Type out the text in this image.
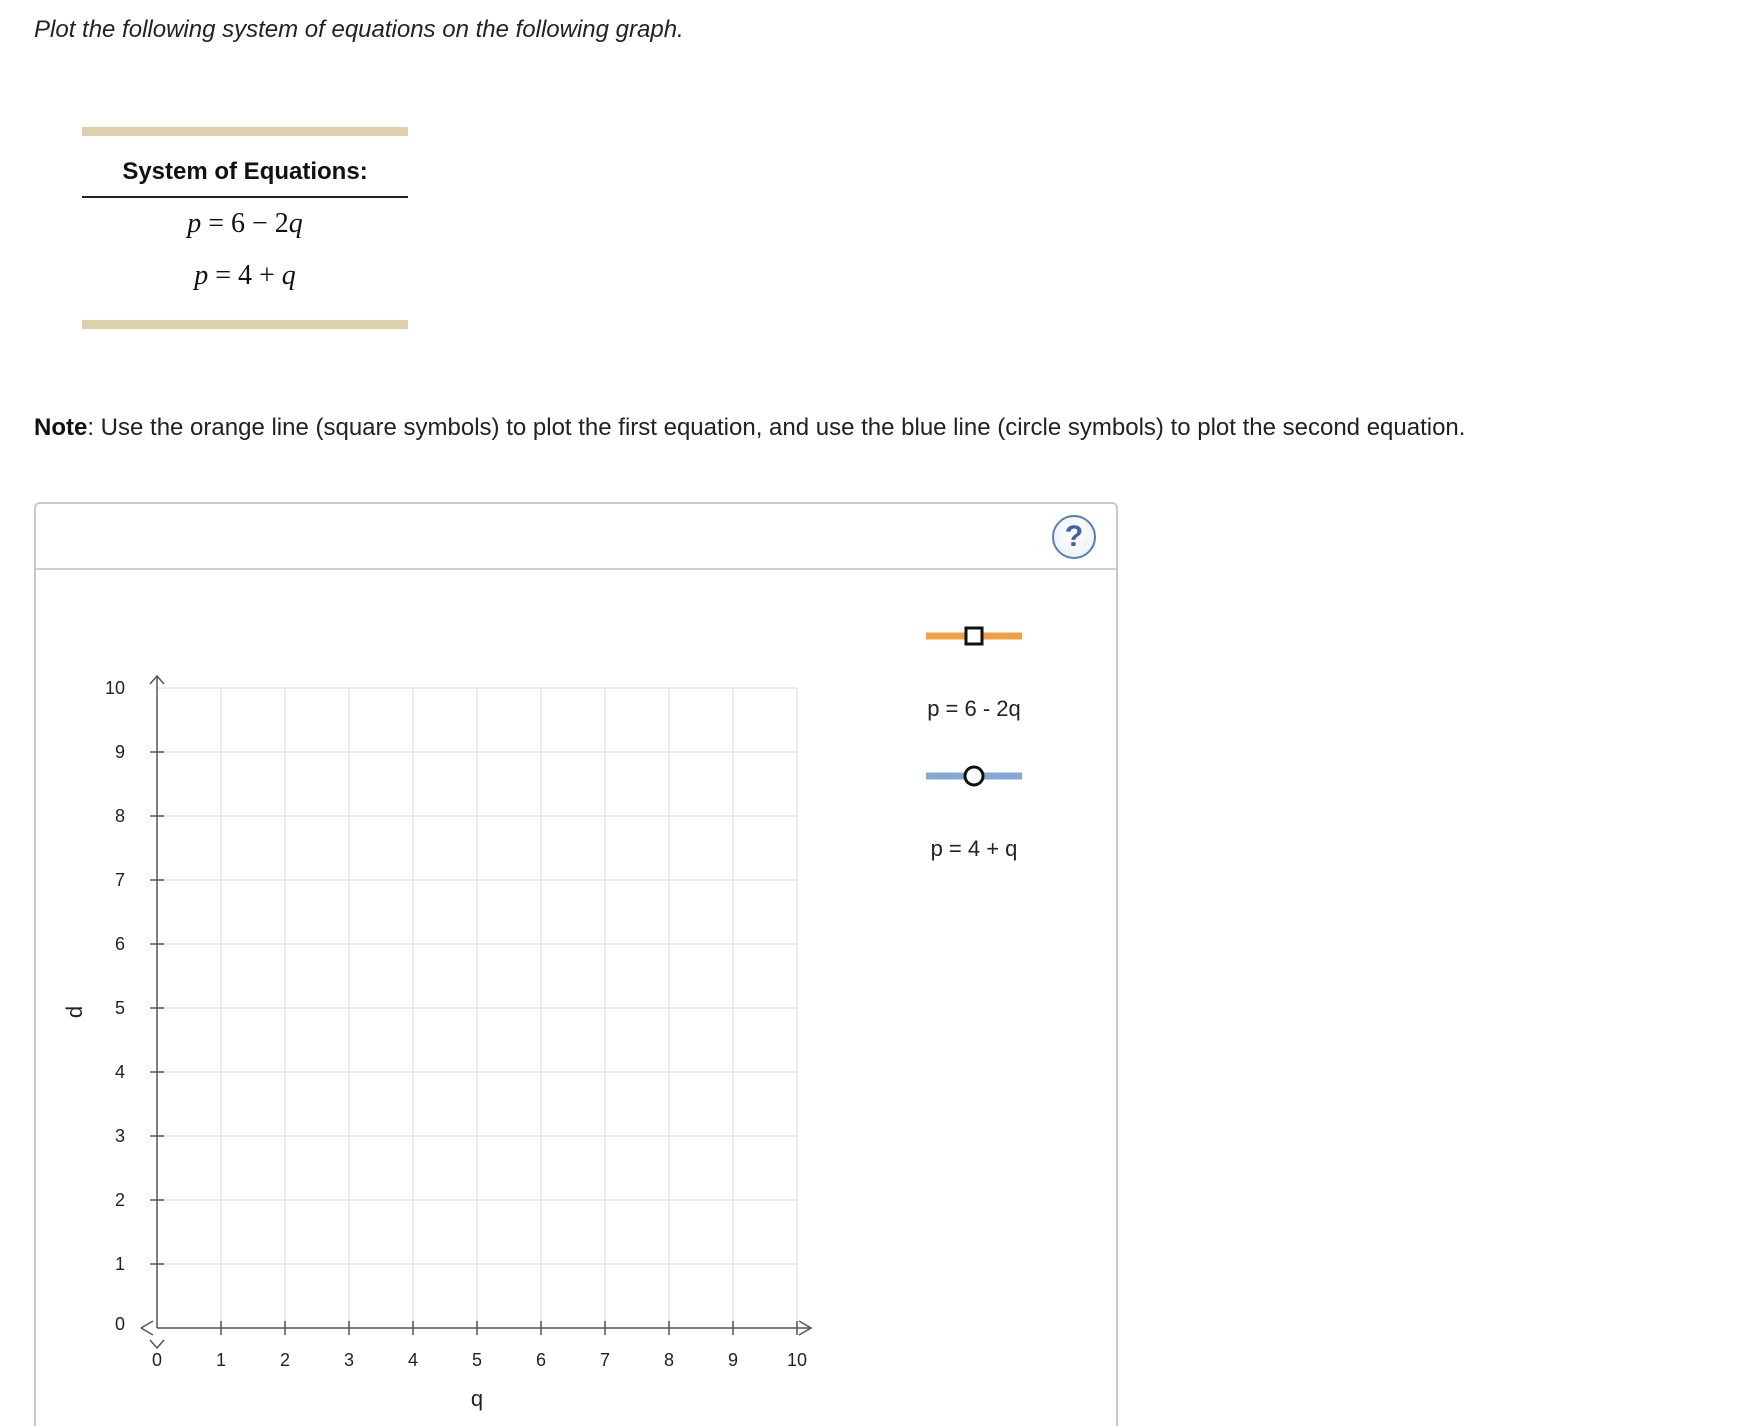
Plot the following system of equations on the following graph.
System of Equations:
p = 6 − 2q
p = 4 + q
Note: Use the orange line (square symbols) to plot the first equation, and use the blue line (circle symbols) to plot the second equation.
?
0	1	2	3	4	5	6	7	8	9	10
0
1
2
3
4
5
6
7
8
9
10
q
p
p = 6 - 2q
p = 4 + q
